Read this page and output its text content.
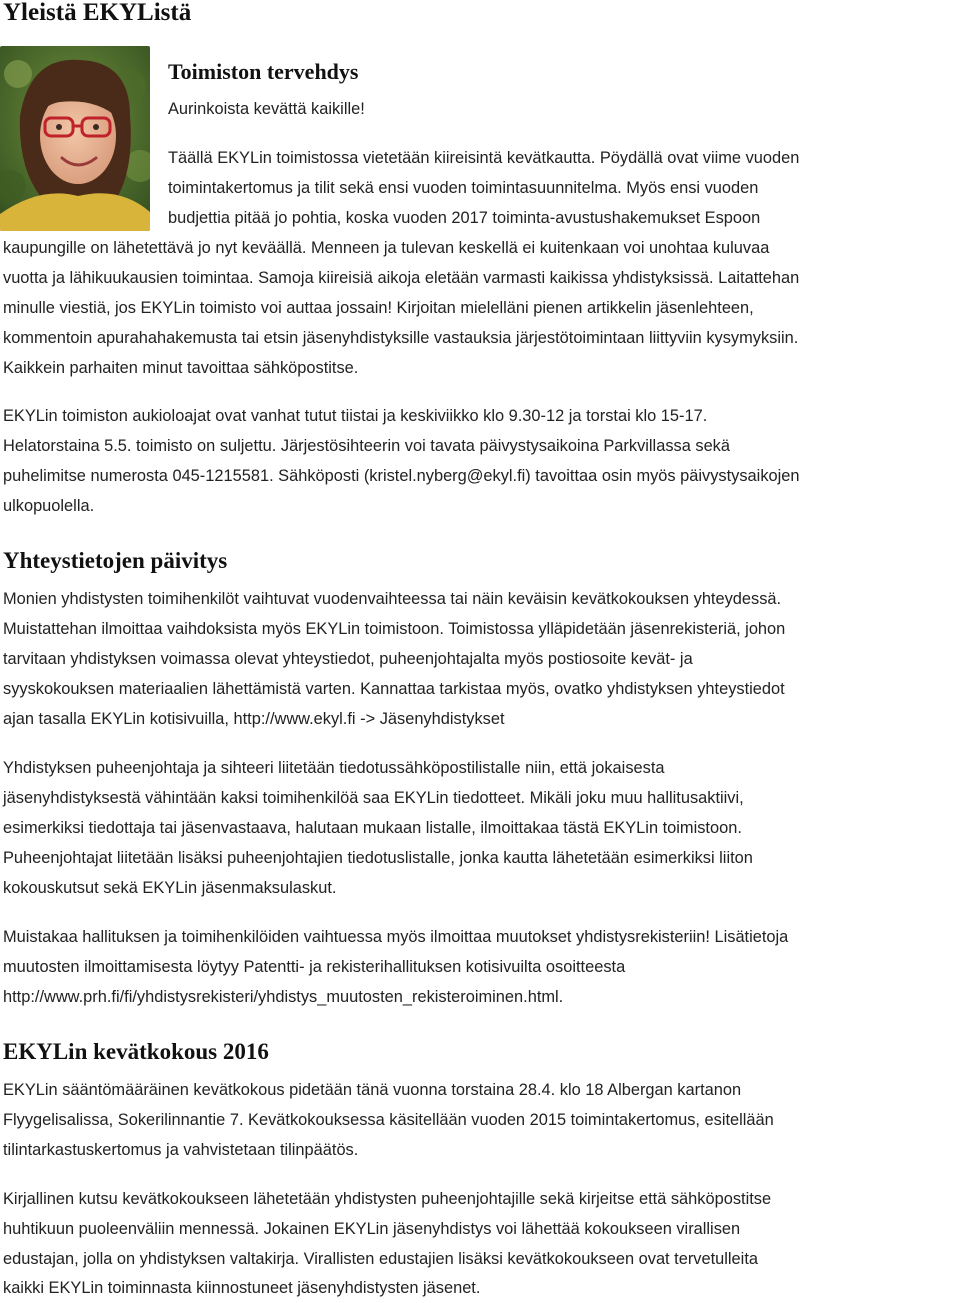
Yleistä EKYListä
Toimiston tervehdys

Aurinkoista kevättä kaikille!

Täällä EKYLin toimistossa vietetään kiireisintä kevätkautta. Pöydällä ovat viime vuoden

toimintakertomus ja tilit sekä ensi vuoden toimintasuunnitelma. Myös ensi vuoden

budjettia pitää jo pohtia, koska vuoden 2017 toiminta-avustushakemukset Espoon

kaupungille on lähetettävä jo nyt keväällä. Menneen ja tulevan keskellä ei kuitenkaan voi unohtaa kuluvaa

vuotta ja lähikuukausien toimintaa. Samoja kiireisiä aikoja eletään varmasti kaikissa yhdistyksissä. Laitattehan

minulle viestiä, jos EKYLin toimisto voi auttaa jossain! Kirjoitan mielelläni pienen artikkelin jäsenlehteen,

kommentoin apurahahakemusta tai etsin jäsenyhdistyksille vastauksia järjestötoimintaan liittyviin kysymyksiin.

Kaikkein parhaiten minut tavoittaa sähköpostitse.

EKYLin toimiston aukioloajat ovat vanhat tutut tiistai ja keskiviikko klo 9.30-12 ja torstai klo 15-17.

Helatorstaina 5.5. toimisto on suljettu. Järjestösihteerin voi tavata päivystysaikoina Parkvillassa sekä

puhelimitse numerosta 045-1215581. Sähköposti (kristel.nyberg@ekyl.fi) tavoittaa osin myös päivystysaikojen

ulkopuolella.

Yhteystietojen päivitys

Monien yhdistysten toimihenkilöt vaihtuvat vuodenvaihteessa tai näin keväisin kevätkokouksen yhteydessä.

Muistattehan ilmoittaa vaihdoksista myös EKYLin toimistoon. Toimistossa ylläpidetään jäsenrekisteriä, johon

tarvitaan yhdistyksen voimassa olevat yhteystiedot, puheenjohtajalta myös postiosoite kevät- ja

syyskokouksen materiaalien lähettämistä varten. Kannattaa tarkistaa myös, ovatko yhdistyksen yhteystiedot

ajan tasalla EKYLin kotisivuilla, http://www.ekyl.fi -> Jäsenyhdistykset

Yhdistyksen puheenjohtaja ja sihteeri liitetään tiedotussähköpostilistalle niin, että jokaisesta

jäsenyhdistyksestä vähintään kaksi toimihenkilöä saa EKYLin tiedotteet. Mikäli joku muu hallitusaktiivi,

esimerkiksi tiedottaja tai jäsenvastaava, halutaan mukaan listalle, ilmoittakaa tästä EKYLin toimistoon.

Puheenjohtajat liitetään lisäksi puheenjohtajien tiedotuslistalle, jonka kautta lähetetään esimerkiksi liiton

kokouskutsut sekä EKYLin jäsenmaksulaskut.

Muistakaa hallituksen ja toimihenkilöiden vaihtuessa myös ilmoittaa muutokset yhdistysrekisteriin! Lisätietoja

muutosten ilmoittamisesta löytyy Patentti- ja rekisterihallituksen kotisivuilta osoitteesta

http://www.prh.fi/fi/yhdistysrekisteri/yhdistys_muutosten_rekisteroiminen.html.

EKYLin kevätkokous 2016

EKYLin sääntömääräinen kevätkokous pidetään tänä vuonna torstaina 28.4. klo 18 Albergan kartanon

Flyygelisalissa, Sokerilinnantie 7. Kevätkokouksessa käsitellään vuoden 2015 toimintakertomus, esitellään

tilintarkastuskertomus ja vahvistetaan tilinpäätös.

Kirjallinen kutsu kevätkokoukseen lähetetään yhdistysten puheenjohtajille sekä kirjeitse että sähköpostitse

huhtikuun puoleenväliin mennessä. Jokainen EKYLin jäsenyhdistys voi lähettää kokoukseen virallisen

edustajan, jolla on yhdistyksen valtakirja. Virallisten edustajien lisäksi kevätkokoukseen ovat tervetulleita

kaikki EKYLin toiminnasta kiinnostuneet jäsenyhdistysten jäsenet.
